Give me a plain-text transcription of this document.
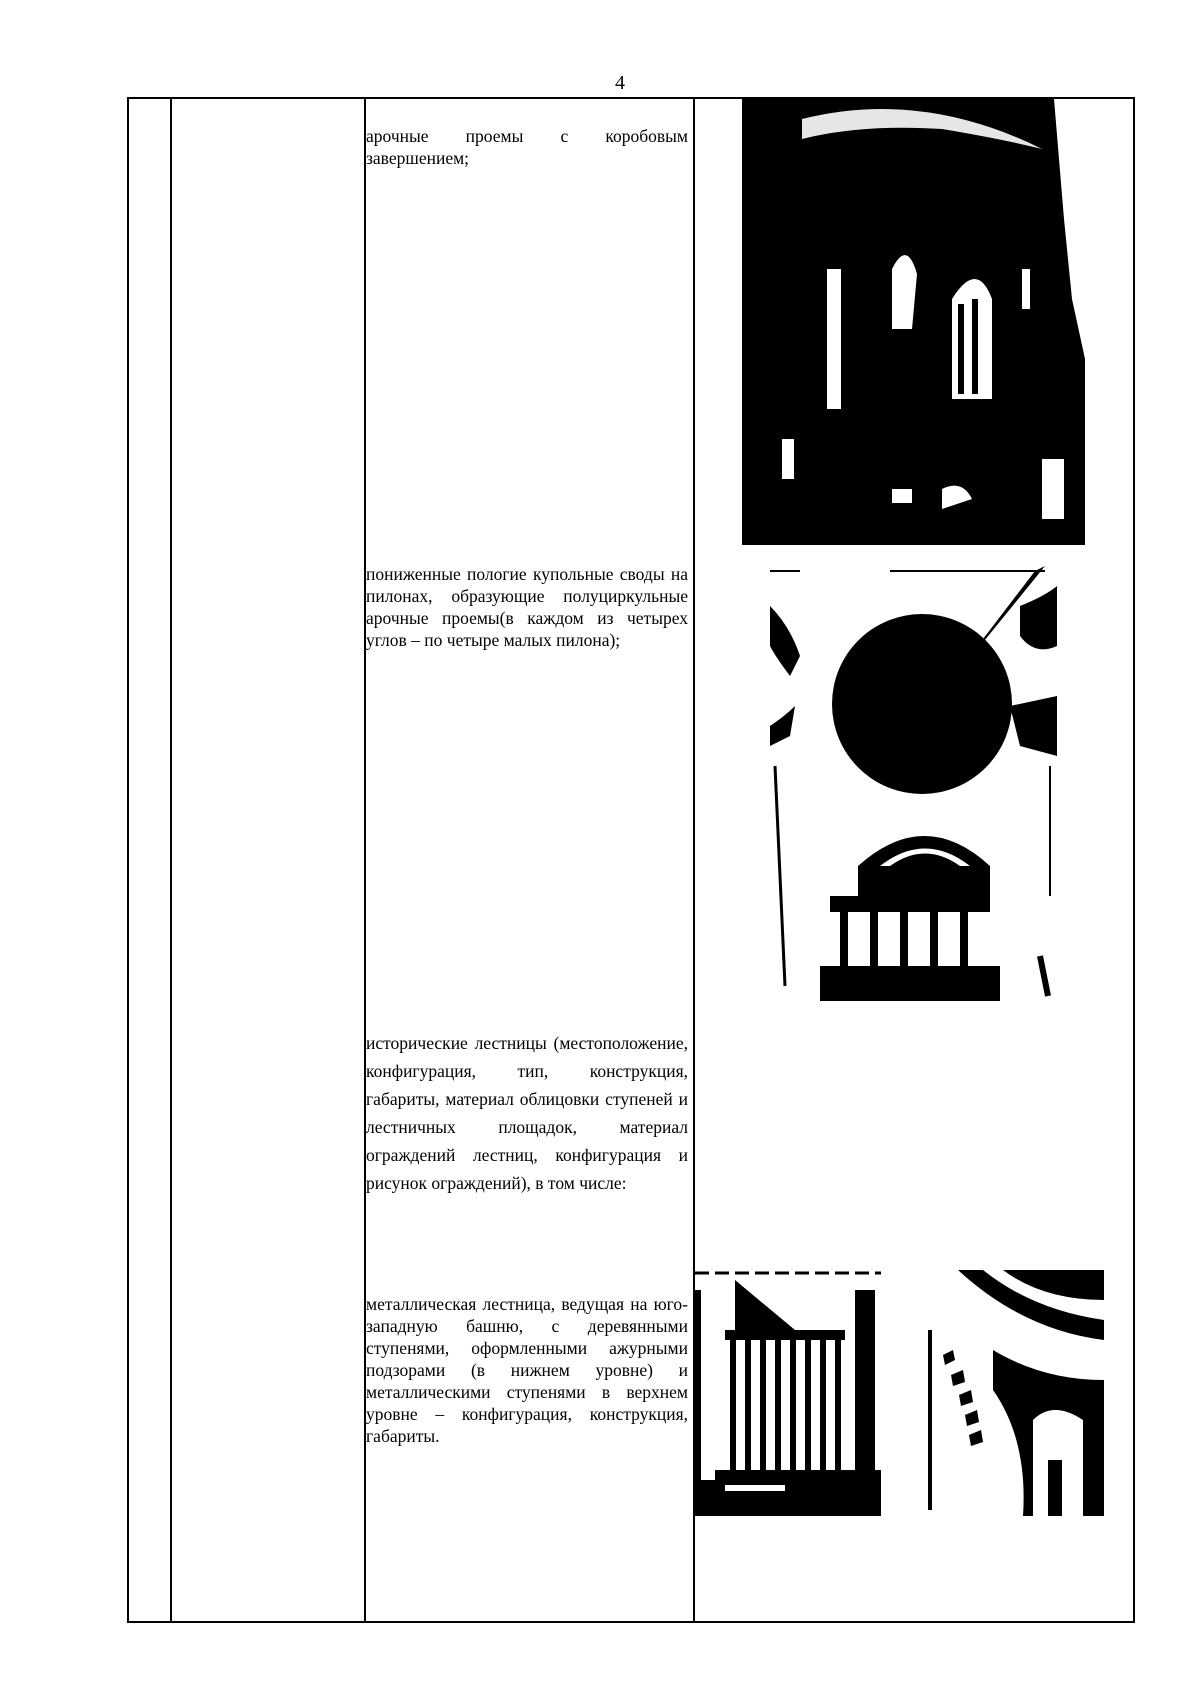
4
арочные проемы с коробовым завершением;
пониженные пологие купольные своды на пилонах, образующие полуциркульные арочные проемы(в каждом из четырех углов – по четыре малых пилона);
исторические лестницы (местоположение, конфигурация, тип, конструкция, габариты, материал облицовки ступеней и лестничных площадок, материал ограждений лестниц, конфигурация и рисунок ограждений), в том числе:
металлическая лестница, ведущая на юго-западную башню, с деревянными ступенями, оформленными ажурными подзорами (в нижнем уровне) и металлическими ступенями в верхнем уровне – конфигурация, конструкция, габариты.
